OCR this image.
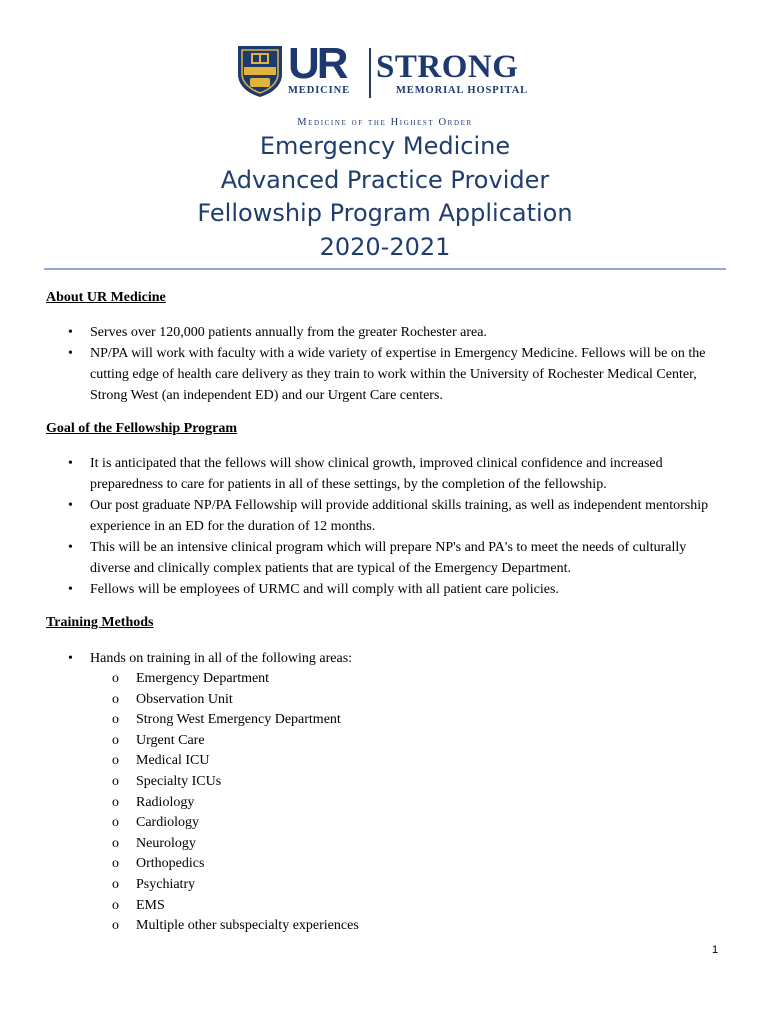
UR
MEDICINE
STRONG
MEMORIAL HOSPITAL
Medicine of the Highest Order
Emergency Medicine
Advanced Practice Provider
Fellowship Program Application
2020-2021
About UR Medicine
• Serves over 120,000 patients annually from the greater Rochester area.
• NP/PA will work with faculty with a wide variety of expertise in Emergency Medicine. Fellows will be on the cutting edge of health care delivery as they train to work within the University of Rochester Medical Center, Strong West (an independent ED) and our Urgent Care centers.
Goal of the Fellowship Program
• It is anticipated that the fellows will show clinical growth, improved clinical confidence and increased preparedness to care for patients in all of these settings, by the completion of the fellowship.
• Our post graduate NP/PA Fellowship will provide additional skills training, as well as independent mentorship experience in an ED for the duration of 12 months.
• This will be an intensive clinical program which will prepare NP's and PA's to meet the needs of culturally diverse and clinically complex patients that are typical of the Emergency Department.
• Fellows will be employees of URMC and will comply with all patient care policies.
Training Methods
• Hands on training in all of the following areas:
o Emergency Department
o Observation Unit
o Strong West Emergency Department
o Urgent Care
o Medical ICU
o Specialty ICUs
o Radiology
o Cardiology
o Neurology
o Orthopedics
o Psychiatry
o EMS
o Multiple other subspecialty experiences
1
